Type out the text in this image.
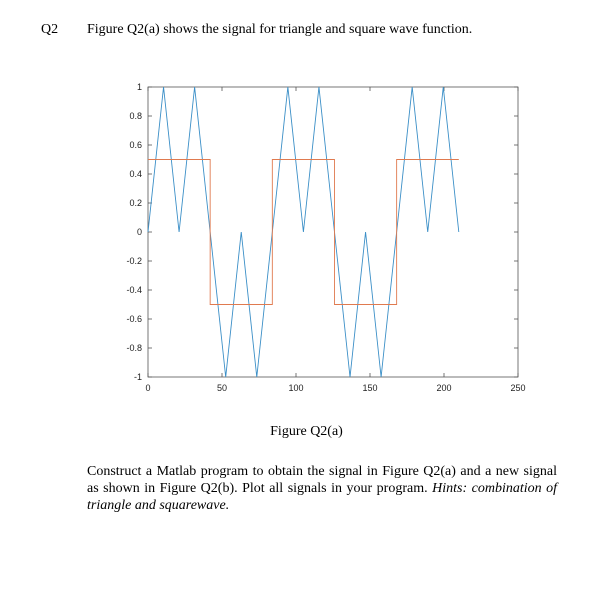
Q2 Figure Q2(a) shows the signal for triangle and square wave function.
1
0.8
0.6
0.4
0.2
0
-0.2
-0.4
-0.6
-0.8
-1
0	50	100	150	200	250
Figure Q2(a)
Construct a Matlab program to obtain the signal in Figure Q2(a) and a new signal as shown in Figure Q2(b). Plot all signals in your program. Hints: combination of triangle and squarewave.
